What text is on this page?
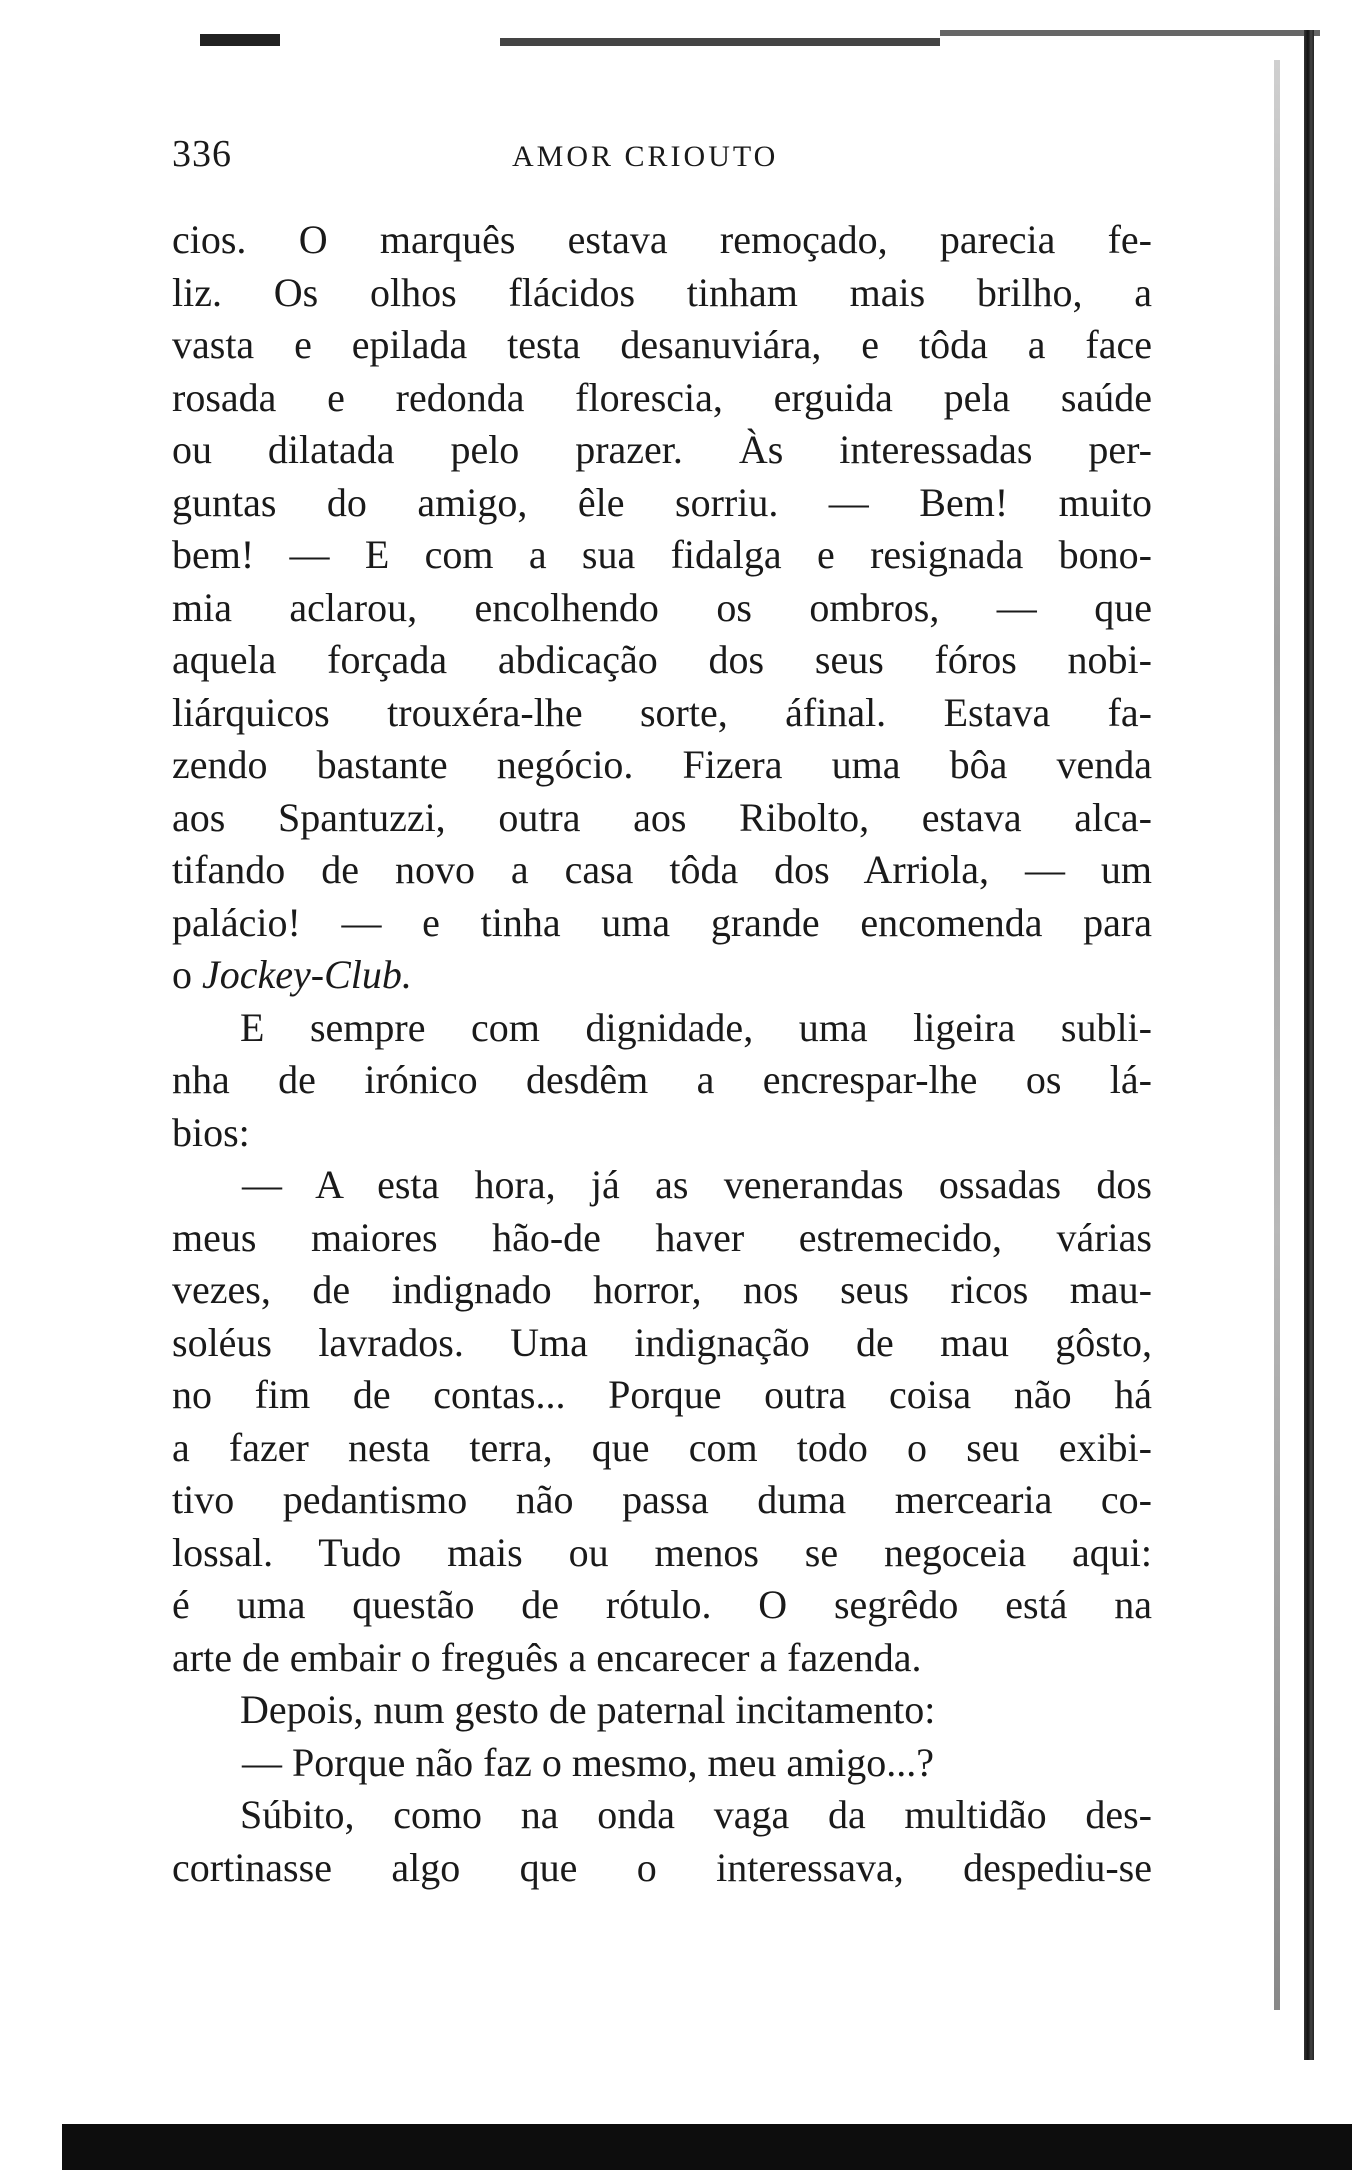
336	AMOR CRIOUTO
cios. O marquês estava remoçado, parecia fe-
liz. Os olhos flácidos tinham mais brilho, a
vasta e epilada testa desanuviára, e tôda a face
rosada e redonda florescia, erguida pela saúde
ou dilatada pelo prazer. Às interessadas per-
guntas do amigo, êle sorriu. — Bem! muito
bem! — E com a sua fidalga e resignada bono-
mia aclarou, encolhendo os ombros, — que
aquela forçada abdicação dos seus fóros nobi-
liárquicos trouxéra-lhe sorte, áfinal. Estava fa-
zendo bastante negócio. Fizera uma bôa venda
aos Spantuzzi, outra aos Ribolto, estava alca-
tifando de novo a casa tôda dos Arriola, — um
palácio! — e tinha uma grande encomenda para
o Jockey-Club.
E sempre com dignidade, uma ligeira subli-
nha de irónico desdêm a encrespar-lhe os lá-
bios:
— A esta hora, já as venerandas ossadas dos
meus maiores hão-de haver estremecido, várias
vezes, de indignado horror, nos seus ricos mau-
soléus lavrados. Uma indignação de mau gôsto,
no fim de contas... Porque outra coisa não há
a fazer nesta terra, que com todo o seu exibi-
tivo pedantismo não passa duma mercearia co-
lossal. Tudo mais ou menos se negoceia aqui:
é uma questão de rótulo. O segrêdo está na
arte de embair o freguês a encarecer a fazenda.
Depois, num gesto de paternal incitamento:
— Porque não faz o mesmo, meu amigo...?
Súbito, como na onda vaga da multidão des-
cortinasse algo que o interessava, despediu-se
